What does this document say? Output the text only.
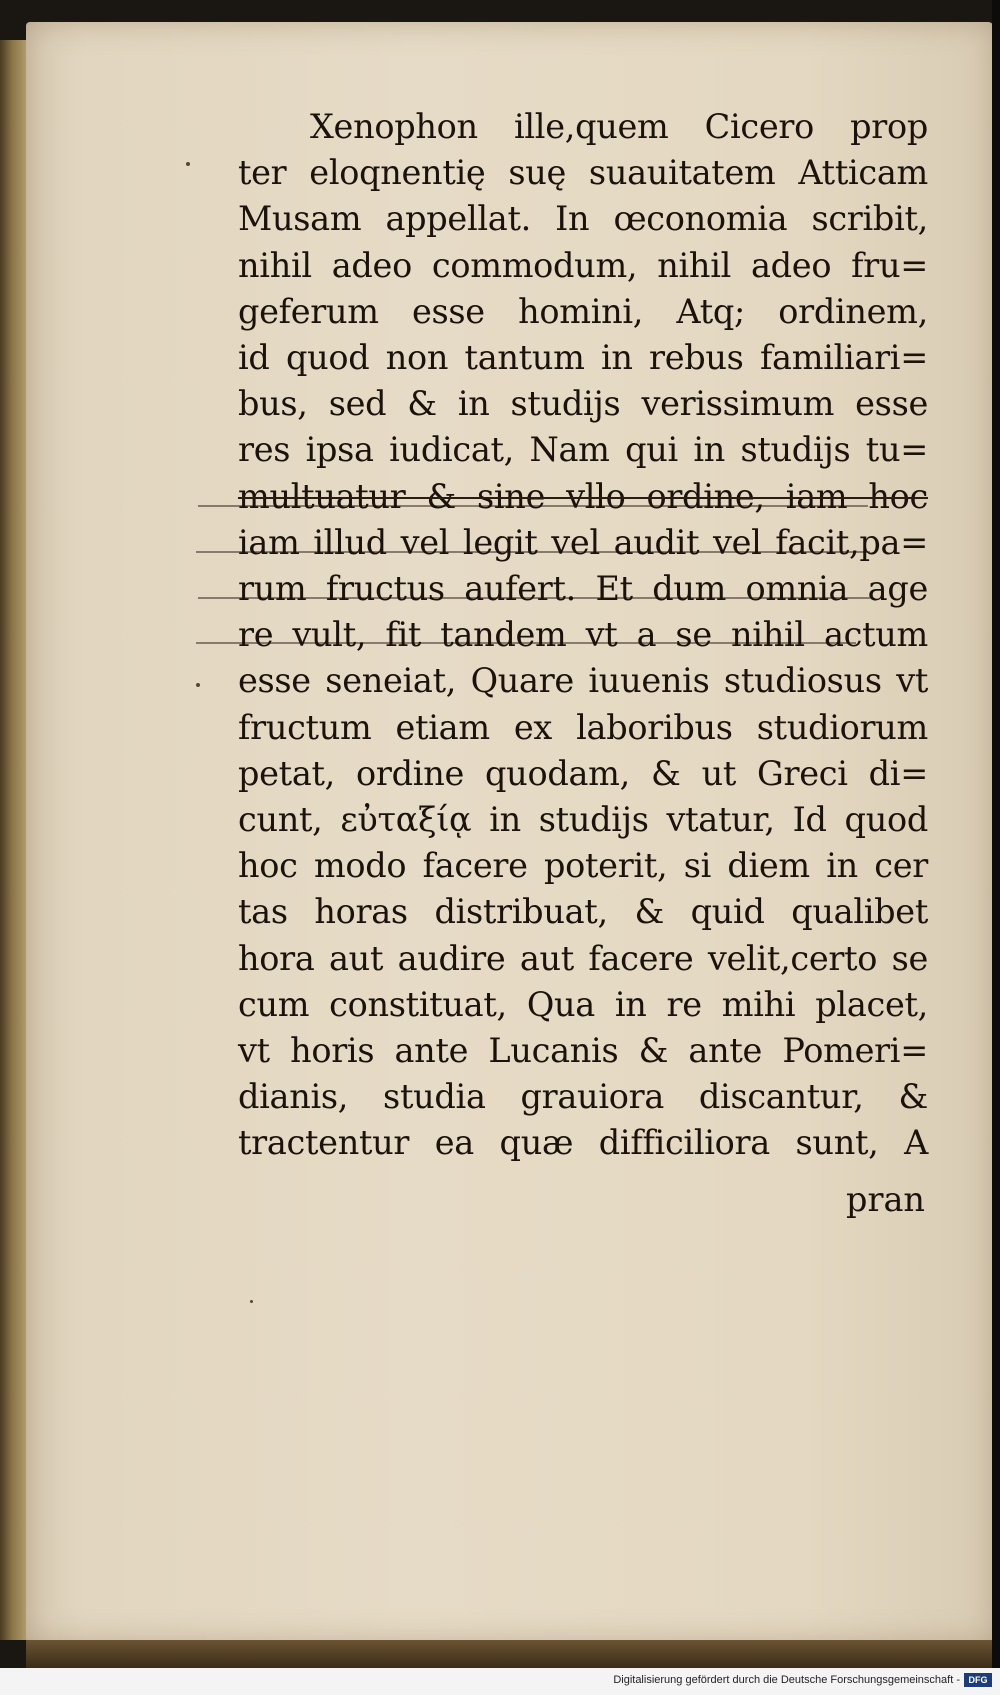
Xenophon ille,quem Cicero prop
ter eloqnentię suę suauitatem Atticam
Musam appellat. In œconomia scribit,
nihil adeo commodum, nihil adeo fru=
geferum esse homini, Atq; ordinem,
id quod non tantum in rebus familiari=
bus, sed & in studijs verissimum esse
res ipsa iudicat, Nam qui in studijs tu=
multuatur & sine vllo ordine, iam hoc
iam illud vel legit vel audit vel facit,pa=
rum fructus aufert. Et dum omnia age
re vult, fit tandem vt a se nihil actum
esse seneiat, Quare iuuenis studiosus vt
fructum etiam ex laboribus studiorum
petat, ordine quodam, & ut Greci di=
cunt, εὐταξίᾳ in studijs vtatur, Id quod
hoc modo facere poterit, si diem in cer
tas horas distribuat, & quid qualibet
hora aut audire aut facere velit,certo se
cum constituat, Qua in re mihi placet,
vt horis ante Lucanis & ante Pomeri=
dianis, studia grauiora discantur, &
tractentur ea quæ difficiliora sunt, A
pran
Digitalisierung gefördert durch die Deutsche Forschungsgemeinschaft - DFG
